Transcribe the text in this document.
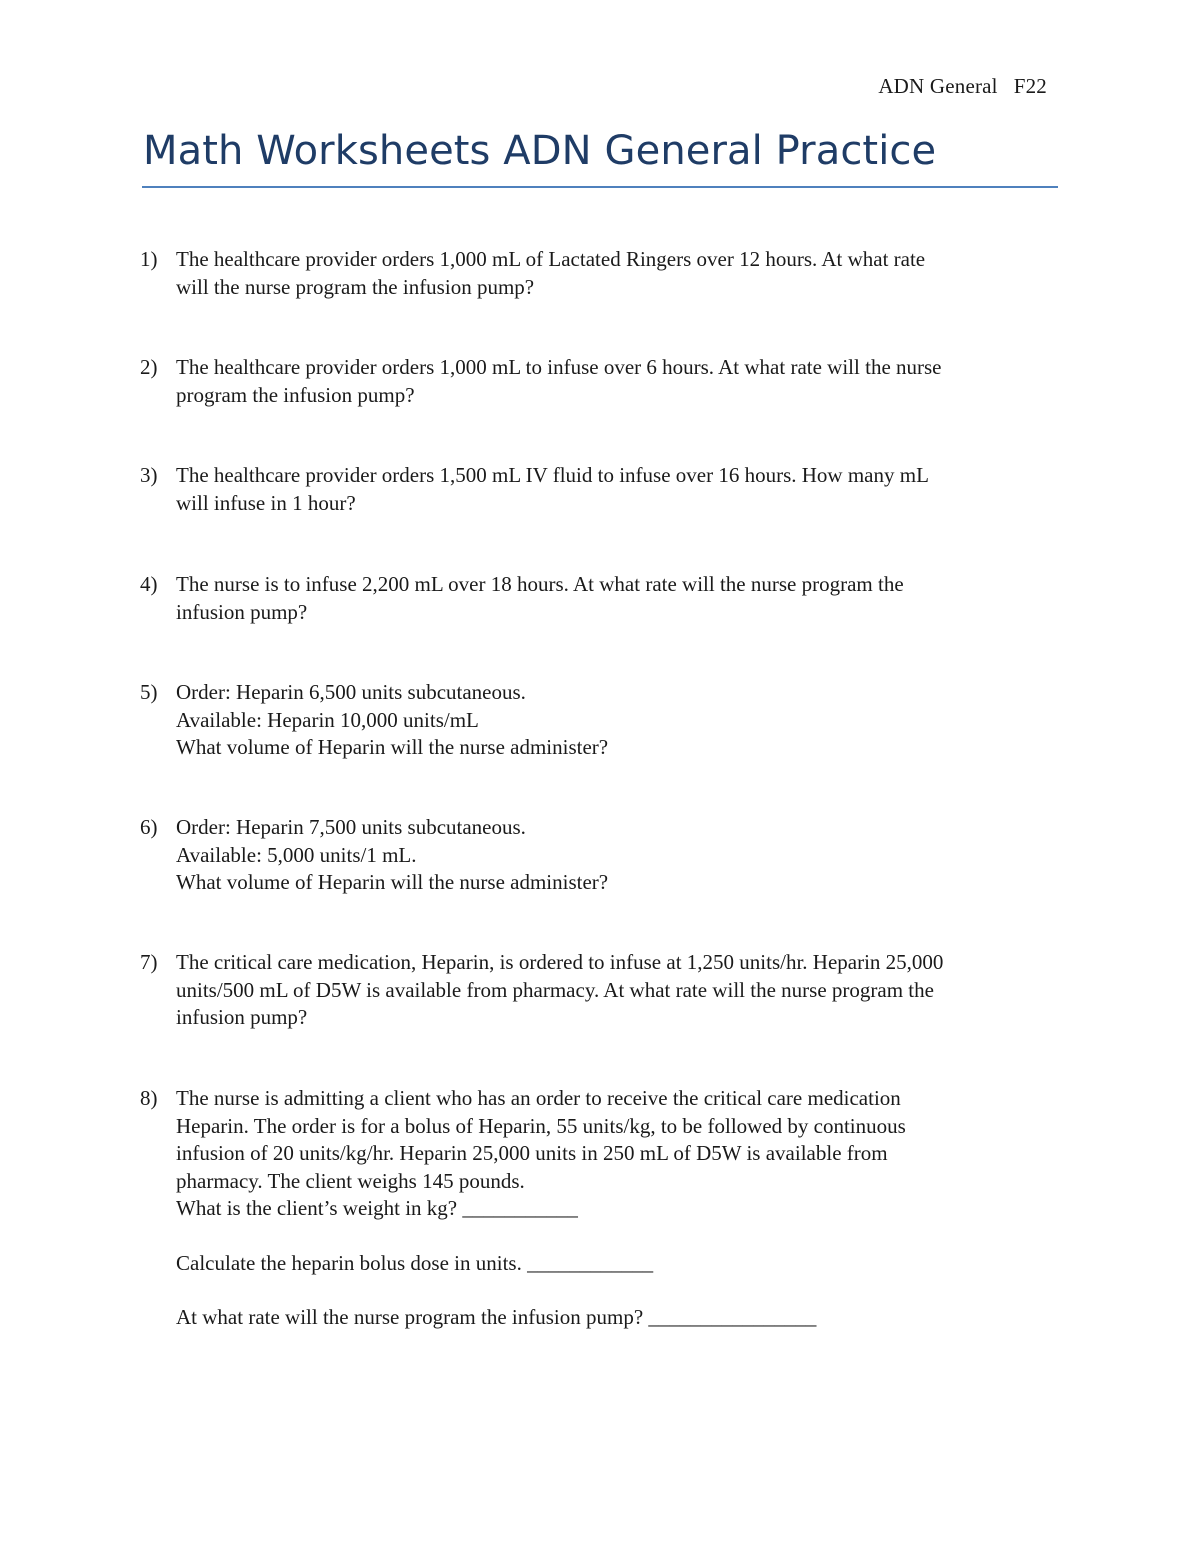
ADN General F22
Math Worksheets ADN General Practice
1) The healthcare provider orders 1,000 mL of Lactated Ringers over 12 hours. At what rate
will the nurse program the infusion pump?
2) The healthcare provider orders 1,000 mL to infuse over 6 hours. At what rate will the nurse
program the infusion pump?
3) The healthcare provider orders 1,500 mL IV fluid to infuse over 16 hours. How many mL
will infuse in 1 hour?
4) The nurse is to infuse 2,200 mL over 18 hours. At what rate will the nurse program the
infusion pump?
5) Order: Heparin 6,500 units subcutaneous.
Available: Heparin 10,000 units/mL
What volume of Heparin will the nurse administer?
6) Order: Heparin 7,500 units subcutaneous.
Available: 5,000 units/1 mL.
What volume of Heparin will the nurse administer?
7) The critical care medication, Heparin, is ordered to infuse at 1,250 units/hr. Heparin 25,000
units/500 mL of D5W is available from pharmacy. At what rate will the nurse program the
infusion pump?
8) The nurse is admitting a client who has an order to receive the critical care medication
Heparin. The order is for a bolus of Heparin, 55 units/kg, to be followed by continuous
infusion of 20 units/kg/hr. Heparin 25,000 units in 250 mL of D5W is available from
pharmacy. The client weighs 145 pounds.
What is the client’s weight in kg? ___________
Calculate the heparin bolus dose in units. ____________
At what rate will the nurse program the infusion pump? ________________
